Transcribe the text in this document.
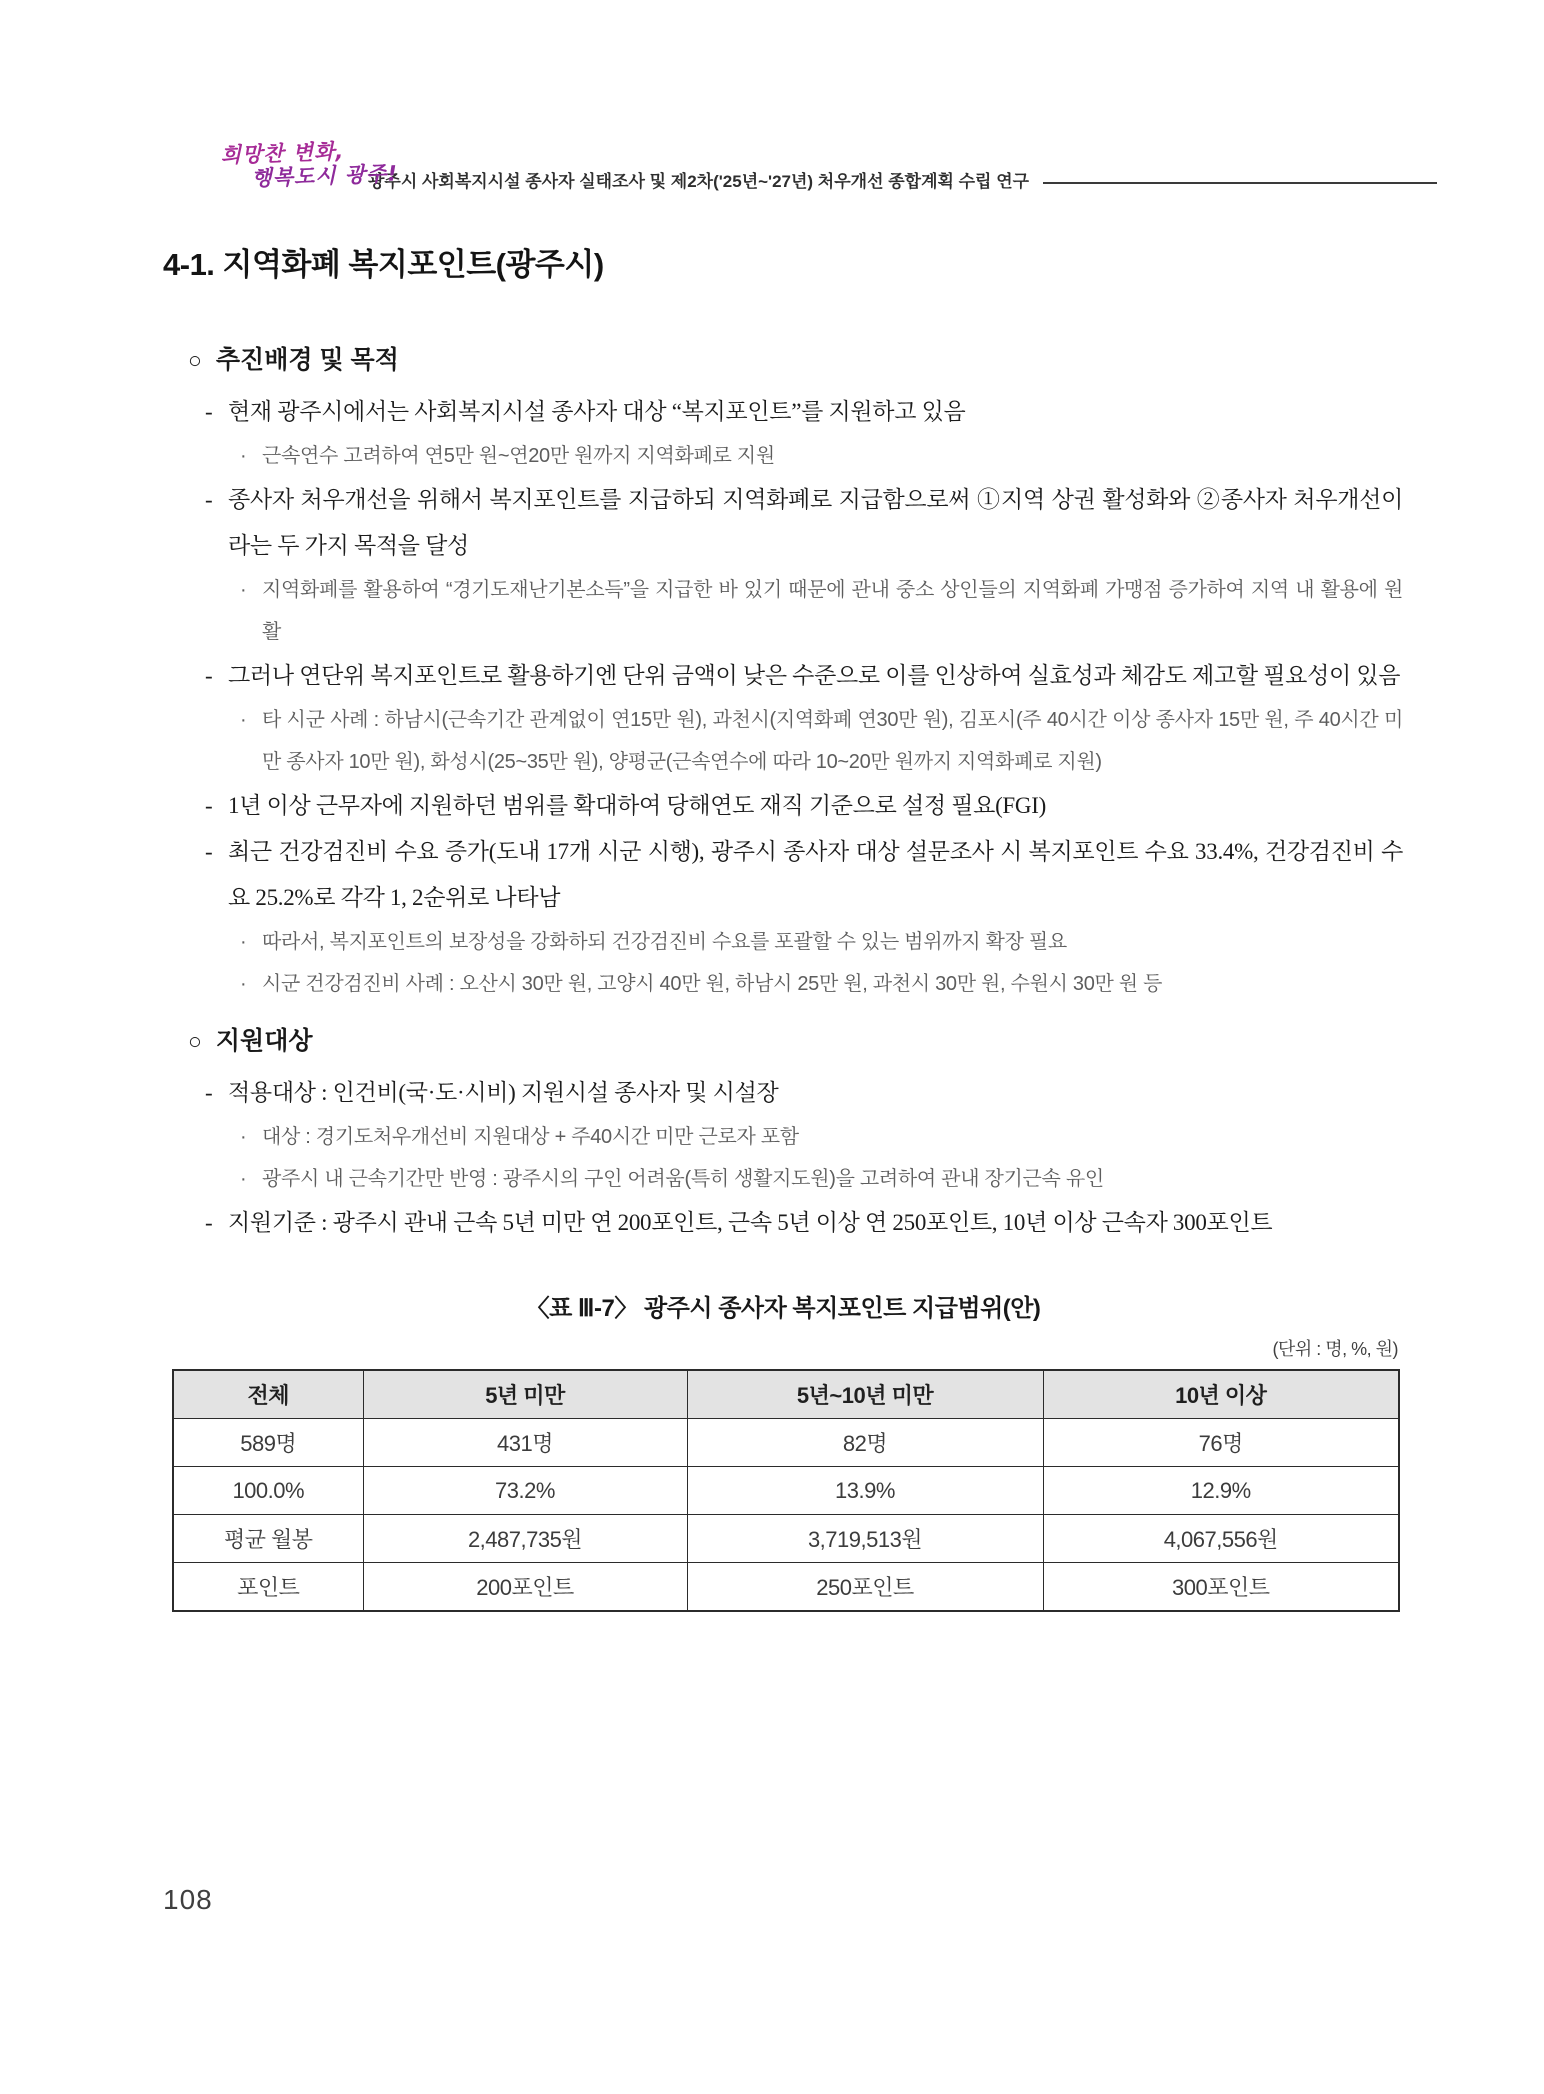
희망찬 변화,
행복도시 광주!
광주시 사회복지시설 종사자 실태조사 및 제2차('25년~'27년) 처우개선 종합계획 수립 연구
4-1. 지역화폐 복지포인트(광주시)
○ 추진배경 및 목적
- 현재 광주시에서는 사회복지시설 종사자 대상 “복지포인트”를 지원하고 있음
· 근속연수 고려하여 연5만 원~연20만 원까지 지역화폐로 지원
- 종사자 처우개선을 위해서 복지포인트를 지급하되 지역화폐로 지급함으로써 ①지역 상권 활성화와 ②종사자 처우개선이라는 두 가지 목적을 달성
· 지역화폐를 활용하여 “경기도재난기본소득”을 지급한 바 있기 때문에 관내 중소 상인들의 지역화폐 가맹점 증가하여 지역 내 활용에 원활
- 그러나 연단위 복지포인트로 활용하기엔 단위 금액이 낮은 수준으로 이를 인상하여 실효성과 체감도 제고할 필요성이 있음
· 타 시군 사례 : 하남시(근속기간 관계없이 연15만 원), 과천시(지역화폐 연30만 원), 김포시(주 40시간 이상 종사자 15만 원, 주 40시간 미만 종사자 10만 원), 화성시(25~35만 원), 양평군(근속연수에 따라 10~20만 원까지 지역화폐로 지원)
- 1년 이상 근무자에 지원하던 범위를 확대하여 당해연도 재직 기준으로 설정 필요(FGI)
- 최근 건강검진비 수요 증가(도내 17개 시군 시행), 광주시 종사자 대상 설문조사 시 복지포인트 수요 33.4%, 건강검진비 수요 25.2%로 각각 1, 2순위로 나타남
· 따라서, 복지포인트의 보장성을 강화하되 건강검진비 수요를 포괄할 수 있는 범위까지 확장 필요
· 시군 건강검진비 사례 : 오산시 30만 원, 고양시 40만 원, 하남시 25만 원, 과천시 30만 원, 수원시 30만 원 등
○ 지원대상
- 적용대상 : 인건비(국·도·시비) 지원시설 종사자 및 시설장
· 대상 : 경기도처우개선비 지원대상 + 주40시간 미만 근로자 포함
· 광주시 내 근속기간만 반영 : 광주시의 구인 어려움(특히 생활지도원)을 고려하여 관내 장기근속 유인
- 지원기준 : 광주시 관내 근속 5년 미만 연 200포인트, 근속 5년 이상 연 250포인트, 10년 이상 근속자 300포인트
〈표 Ⅲ-7〉 광주시 종사자 복지포인트 지급범위(안)
(단위 : 명, %, 원)
전체	5년 미만	5년~10년 미만	10년 이상
589명	431명	82명	76명
100.0%	73.2%	13.9%	12.9%
평균 월봉	2,487,735원	3,719,513원	4,067,556원
포인트	200포인트	250포인트	300포인트
108
